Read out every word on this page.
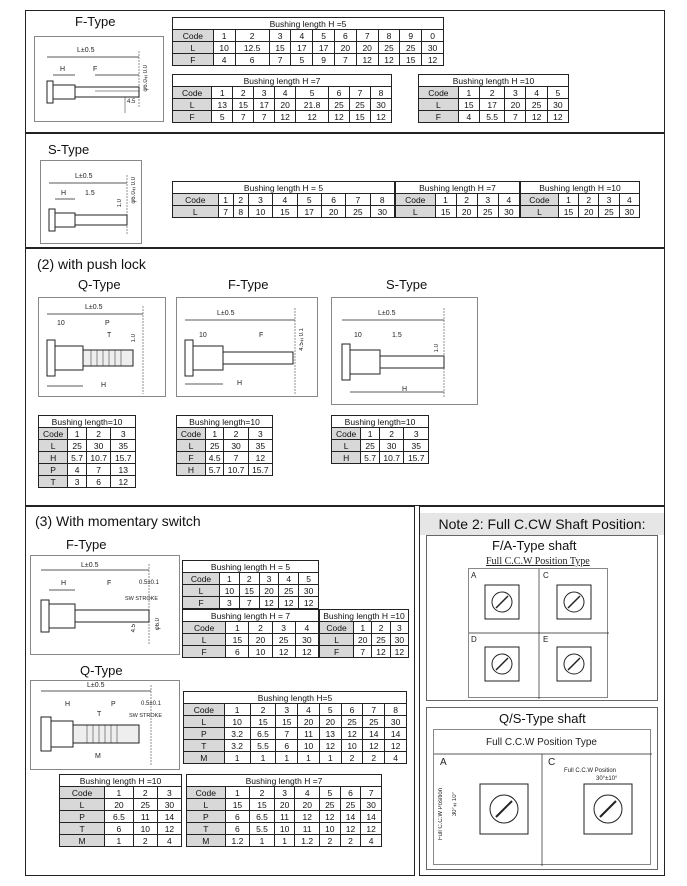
F-Type
L±0.5
H	F
4.5
φ6.0±0.0
Bushing length H =5										
Code	1	2	3	4	5	6	7	8	9	0
L	10	12.5	15	17	17	20	20	25	25	30
F	4	6	7	5	9	7	12	12	15	12
Bushing length H =7								
Code	1	2	3	4	5	6	7	8
L	13	15	17	20	21.8	25	25	30
F	5	7	7	12	12	12	15	12
Bushing length H =10					
Code	1	2	3	4	5
L	15	17	20	25	30
F	4	5.5	7	12	12
S-Type
L±0.5
H	1.5
1.0 φ6.0±0.0	Bushing length H = 5								
Code	1	2	3	4	5	6	7	8
L	7	8	10	15	17	20	25	30
Bushing length H =7				
Code	1	2	3	4
L	15	20	25	30
Bushing length H =10				
Code	1	2	3	4
L	15	20	25	30
(2) with push lock
Q-Type	F-Type	S-Type
L±0.5
10	P
T
H
1.0
L±0.5
10	F
H
4.5±0.1
L±0.5
10	1.5
H
1.0
Bushing length=10			
Code	1	2	3
L	25	30	35
H	5.7	10.7	15.7
P	4	7	13
T	3	6	12
Bushing length=10			
Code	1	2	3
L	25	30	35
F	4.5	7	12
H	5.7	10.7	15.7
Bushing length=10			
Code	1	2	3
L	25	30	35
H	5.7	10.7	15.7
(3) With momentary switch
F-Type
Q-Type
L±0.5
H	F	0.5±0.1
SW STROKE
4.5	φ6.0
L±0.5
H	P
T
0.5±0.1
SW STROKE
M
Bushing length H = 5					
Code	1	2	3	4	5
L	10	15	20	25	30
F	3	7	12	12	12
Bushing length H = 7				
Code	1	2	3	4
L	15	20	25	30
F	6	10	12	12
Bushing length H =10			
Code	1	2	3
L	20	25	30
F	7	12	12
Bushing length H=5								
Code	1	2	3	4	5	6	7	8
L	10	15	15	20	20	25	25	30
P	3.2	6.5	7	11	13	12	14	14
T	3.2	5.5	6	10	12	10	12	12
M	1	1	1	1	1	2	2	4
Bushing length H =10			
Code	1	2	3
L	20	25	30
P	6.5	11	14
T	6	10	12
M	1	2	4
Bushing length H =7							
Code	1	2	3	4	5	6	7
L	15	15	20	20	25	25	30
P	6	6.5	11	12	12	14	14
T	6	5.5	10	11	10	12	12
M	1.2	1	1	1.2	2	2	4
Note 2: Full C.CW Shaft Position:
F/A-Type shaft
Full C.C.W Position Type
A	C
D	E
Q/S-Type shaft
Full C.C.W Position Type
A	C
Full C.C.W Position 30°±10°
Full C.C.W Position
30°±10°
